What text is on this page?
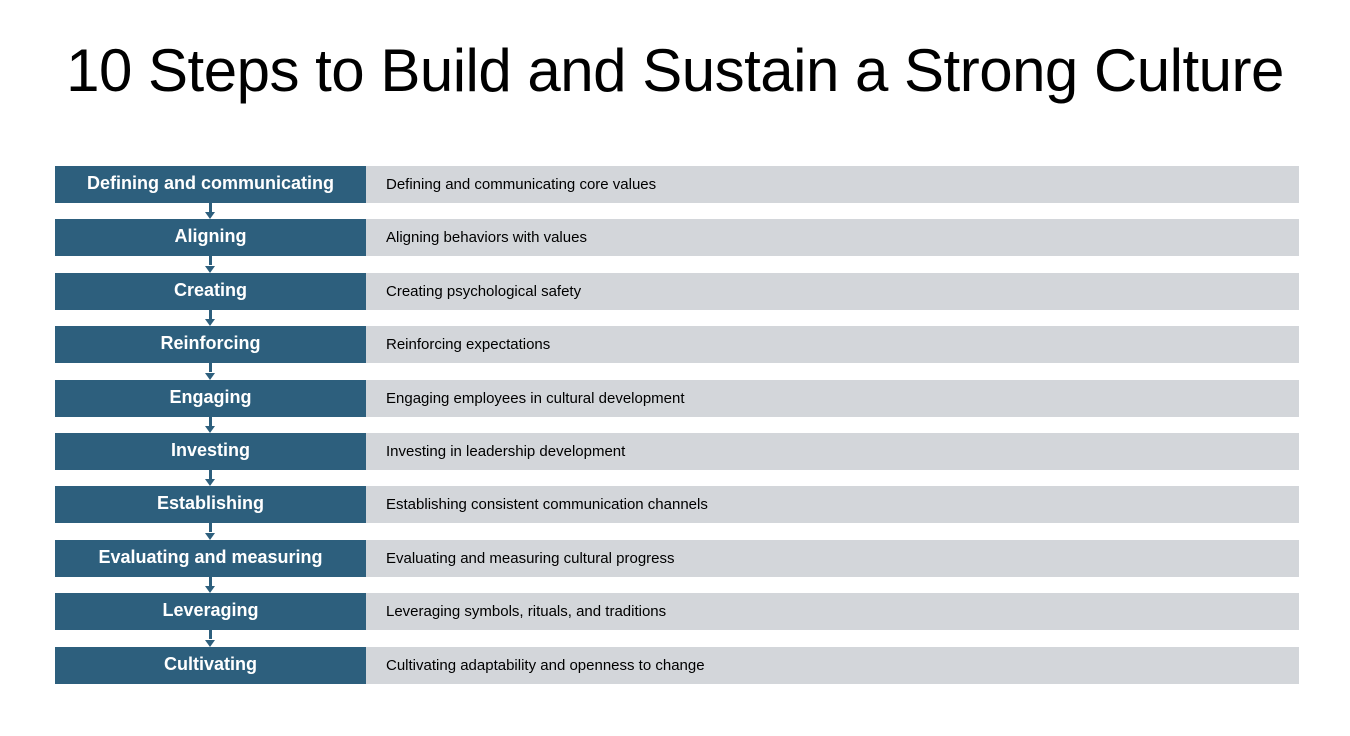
10 Steps to Build and Sustain a Strong Culture
Defining and communicating	Defining and communicating core values
Aligning	Aligning behaviors with values
Creating	Creating psychological safety
Reinforcing	Reinforcing expectations
Engaging	Engaging employees in cultural development
Investing	Investing in leadership development
Establishing	Establishing consistent communication channels
Evaluating and measuring	Evaluating and measuring cultural progress
Leveraging	Leveraging symbols, rituals, and traditions
Cultivating	Cultivating adaptability and openness to change
